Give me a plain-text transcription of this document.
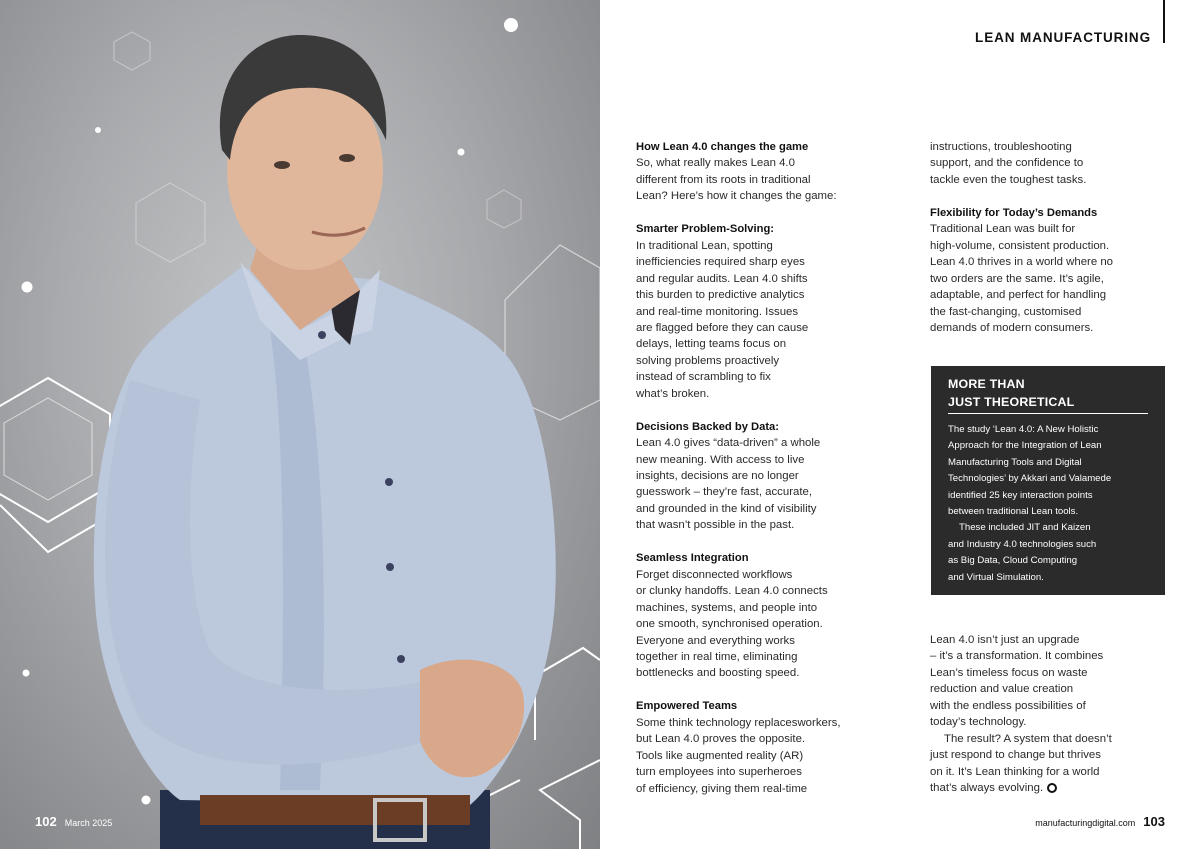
102 March 2025
LEAN MANUFACTURING
How Lean 4.0 changes the game

So, what really makes Lean 4.0
different from its roots in traditional
Lean? Here’s how it changes the game:

Smarter Problem-Solving:

In traditional Lean, spotting
inefficiencies required sharp eyes
and regular audits. Lean 4.0 shifts
this burden to predictive analytics
and real-time monitoring. Issues
are flagged before they can cause
delays, letting teams focus on
solving problems proactively
instead of scrambling to fix
what’s broken.

Decisions Backed by Data:

Lean 4.0 gives “data-driven” a whole
new meaning. With access to live
insights, decisions are no longer
guesswork – they’re fast, accurate,
and grounded in the kind of visibility
that wasn’t possible in the past.

Seamless Integration

Forget disconnected workflows
or clunky handoffs. Lean 4.0 connects
machines, systems, and people into
one smooth, synchronised operation.
Everyone and everything works
together in real time, eliminating
bottlenecks and boosting speed.

Empowered Teams

Some think technology replacesworkers,
but Lean 4.0 proves the opposite.
Tools like augmented reality (AR)
turn employees into superheroes
of efficiency, giving them real-time

instructions, troubleshooting
support, and the confidence to
tackle even the toughest tasks.

Flexibility for Today’s Demands

Traditional Lean was built for
high-volume, consistent production.
Lean 4.0 thrives in a world where no
two orders are the same. It’s agile,
adaptable, and perfect for handling
the fast-changing, customised
demands of modern consumers.

MORE THAN
JUST THEORETICAL
The study ‘Lean 4.0: A New Holistic
Approach for the Integration of Lean
Manufacturing Tools and Digital
Technologies’ by Akkari and Valamede
identified 25 key interaction points
between traditional Lean tools.
These included JIT and Kaizen
and Industry 4.0 technologies such
as Big Data, Cloud Computing
and Virtual Simulation.

Lean 4.0 isn’t just an upgrade
– it’s a transformation. It combines
Lean’s timeless focus on waste
reduction and value creation
with the endless possibilities of
today’s technology.

The result? A system that doesn’t
just respond to change but thrives
on it. It’s Lean thinking for a world
that’s always evolving.

manufacturingdigital.com 103
